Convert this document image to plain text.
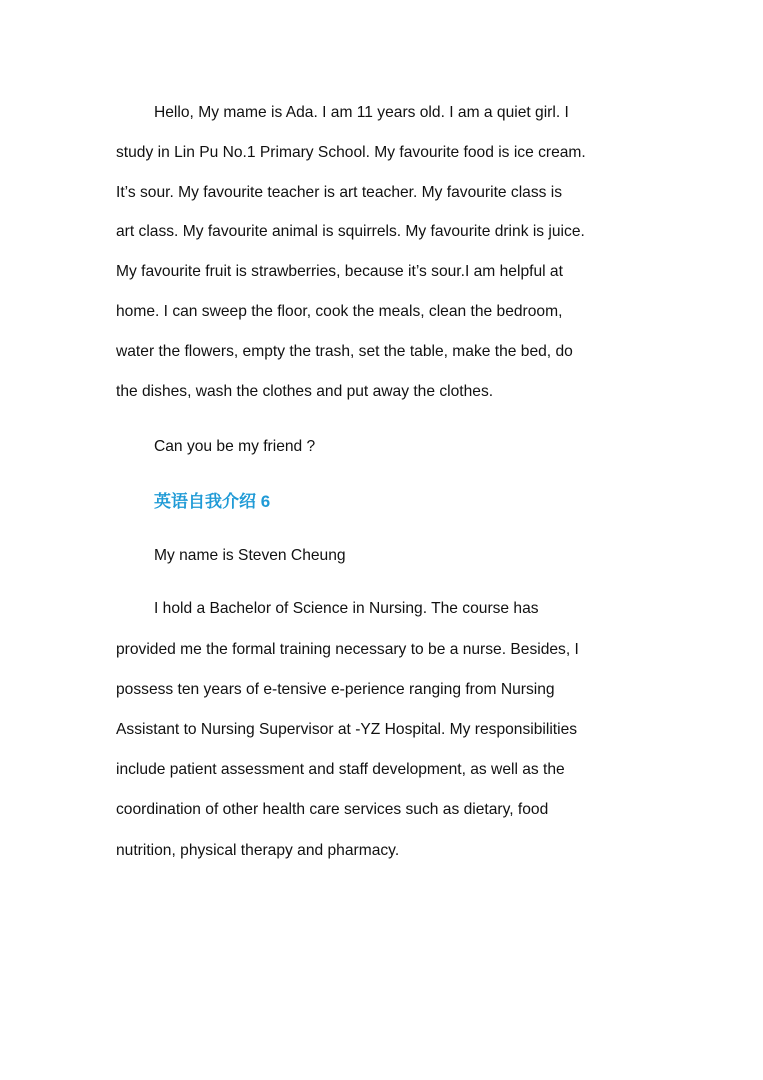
Hello, My mame is Ada. I am 11 years old. I am a quiet girl. I
study in Lin Pu No.1 Primary School. My favourite food is ice cream.
It’s sour. My favourite teacher is art teacher. My favourite class is
art class. My favourite animal is squirrels. My favourite drink is juice.
My favourite fruit is strawberries, because it’s sour.I am helpful at
home. I can sweep the floor, cook the meals, clean the bedroom,
water the flowers, empty the trash, set the table, make the bed, do
the dishes, wash the clothes and put away the clothes.
Can you be my friend ?
英语自我介绍 6
My name is Steven Cheung
I hold a Bachelor of Science in Nursing. The course has
provided me the formal training necessary to be a nurse. Besides, I
possess ten years of e-tensive e-perience ranging from Nursing
Assistant to Nursing Supervisor at -YZ Hospital. My responsibilities
include patient assessment and staff development, as well as the
coordination of other health care services such as dietary, food
nutrition, physical therapy and pharmacy.
